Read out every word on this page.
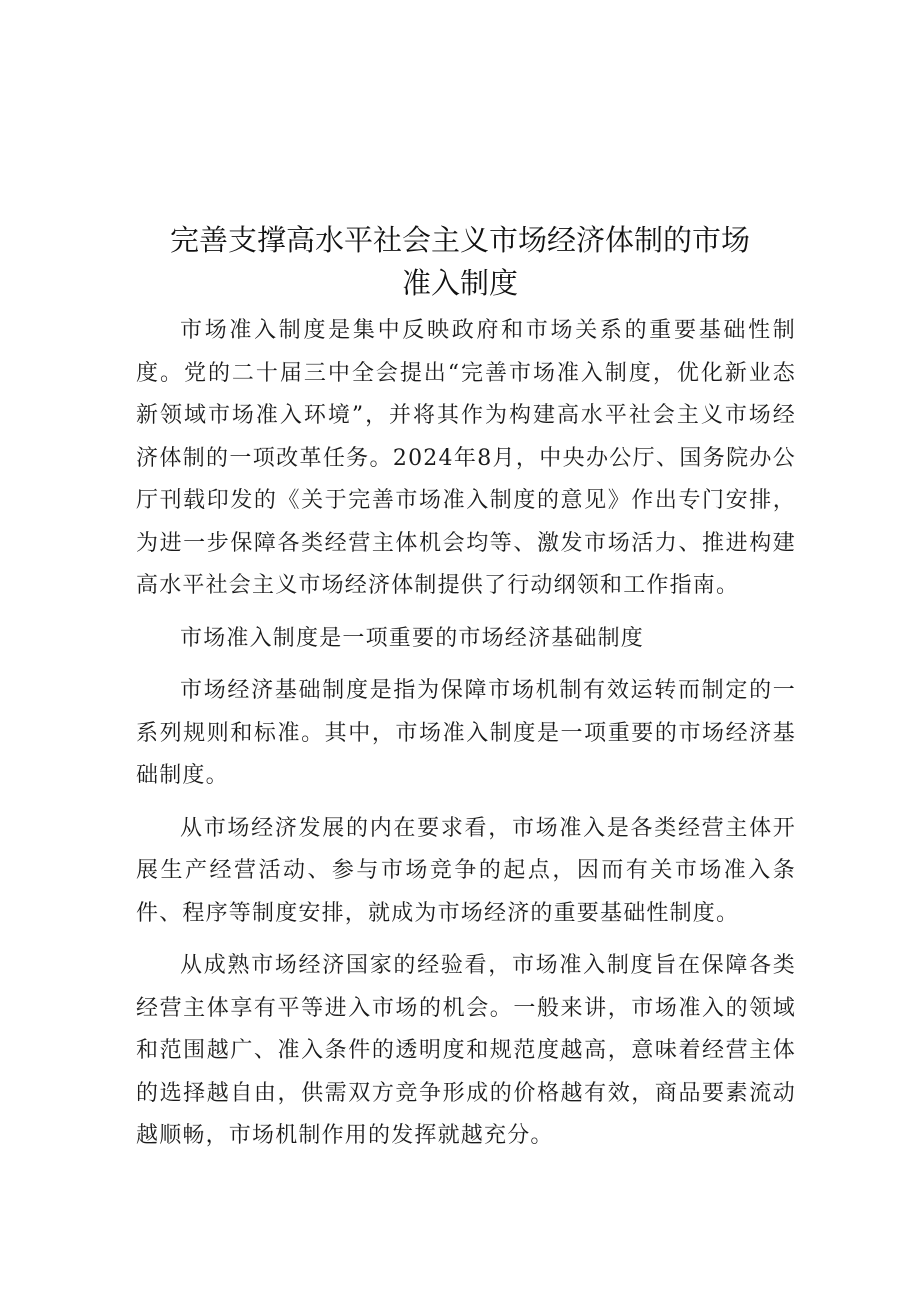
完善支撑高水平社会主义市场经济体制的市场
准入制度

市场准入制度是集中反映政府和市场关系的重要基础性制度。党的二十届三中全会提出“完善市场准入制度，优化新业态新领域市场准入环境”，并将其作为构建高水平社会主义市场经济体制的一项改革任务。2024年8月，中央办公厅、国务院办公厅刊载印发的《关于完善市场准入制度的意见》作出专门安排，为进一步保障各类经营主体机会均等、激发市场活力、推进构建高水平社会主义市场经济体制提供了行动纲领和工作指南。

市场准入制度是一项重要的市场经济基础制度

市场经济基础制度是指为保障市场机制有效运转而制定的一系列规则和标准。其中，市场准入制度是一项重要的市场经济基础制度。

从市场经济发展的内在要求看，市场准入是各类经营主体开展生产经营活动、参与市场竞争的起点，因而有关市场准入条件、程序等制度安排，就成为市场经济的重要基础性制度。

从成熟市场经济国家的经验看，市场准入制度旨在保障各类经营主体享有平等进入市场的机会。一般来讲，市场准入的领域和范围越广、准入条件的透明度和规范度越高，意味着经营主体的选择越自由，供需双方竞争形成的价格越有效，商品要素流动越顺畅，市场机制作用的发挥就越充分。
